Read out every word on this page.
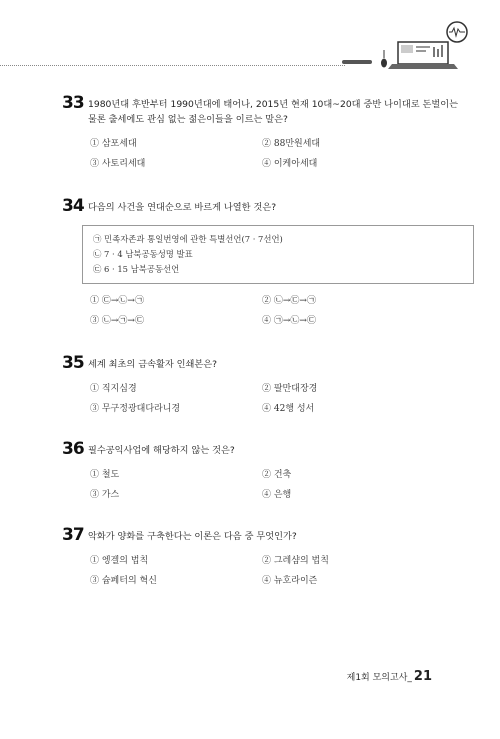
33 1980년대 후반부터 1990년대에 태어나, 2015년 현재 10대~20대 중반 나이대로 돈벌이는 물론 출세에도 관심 없는 젊은이들을 이르는 말은?
① 삼포세대	② 88만원세대
③ 사토리세대	④ 이케아세대
34 다음의 사건을 연대순으로 바르게 나열한 것은?
㉠ 민족자존과 통일번영에 관한 특별선언(7 · 7선언)
㉡ 7 · 4 남북공동성명 발표
㉢ 6 · 15 남북공동선언
① ㉢→㉡→㉠	② ㉡→㉢→㉠
③ ㉡→㉠→㉢	④ ㉠→㉡→㉢
35 세계 최초의 금속활자 인쇄본은?
① 직지심경	② 팔만대장경
③ 무구정광대다라니경	④ 42행 성서
36 필수공익사업에 해당하지 않는 것은?
① 철도	② 건축
③ 가스	④ 은행
37 악화가 양화를 구축한다는 이론은 다음 중 무엇인가?
① 엥겔의 법칙	② 그레샴의 법칙
③ 슘페터의 혁신	④ 뉴호라이즌
제1회 모의고사_ 21
